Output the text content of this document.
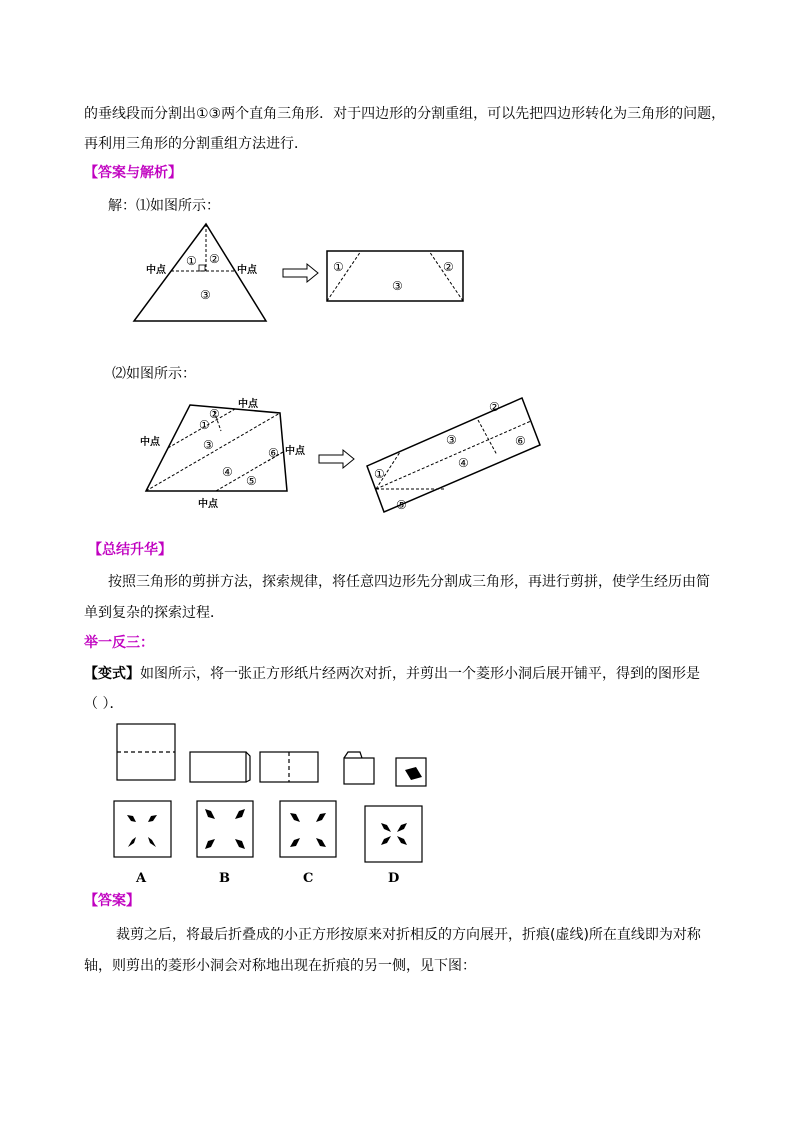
的垂线段而分割出①③两个直角三角形．对于四边形的分割重组，可以先把四边形转化为三角形的问题，
再利用三角形的分割重组方法进行．
【答案与解析】
解：⑴如图所示：
中点	中点
① ②
③
①	②
③
中点
中点
中点
中点
①
②
③
④
⑤
⑥
①
②
③
④
⑤
⑥
⑵如图所示：
【总结升华】
按照三角形的剪拼方法，探索规律，将任意四边形先分割成三角形，再进行剪拼，使学生经历由简
单到复杂的探索过程．
举一反三：
【变式】如图所示，将一张正方形纸片经两次对折，并剪出一个菱形小洞后展开铺平，得到的图形是
（ ）．
A	B	C	D
【答案】
裁剪之后，将最后折叠成的小正方形按原来对折相反的方向展开，折痕(虚线)所在直线即为对称
轴，则剪出的菱形小洞会对称地出现在折痕的另一侧，见下图：
